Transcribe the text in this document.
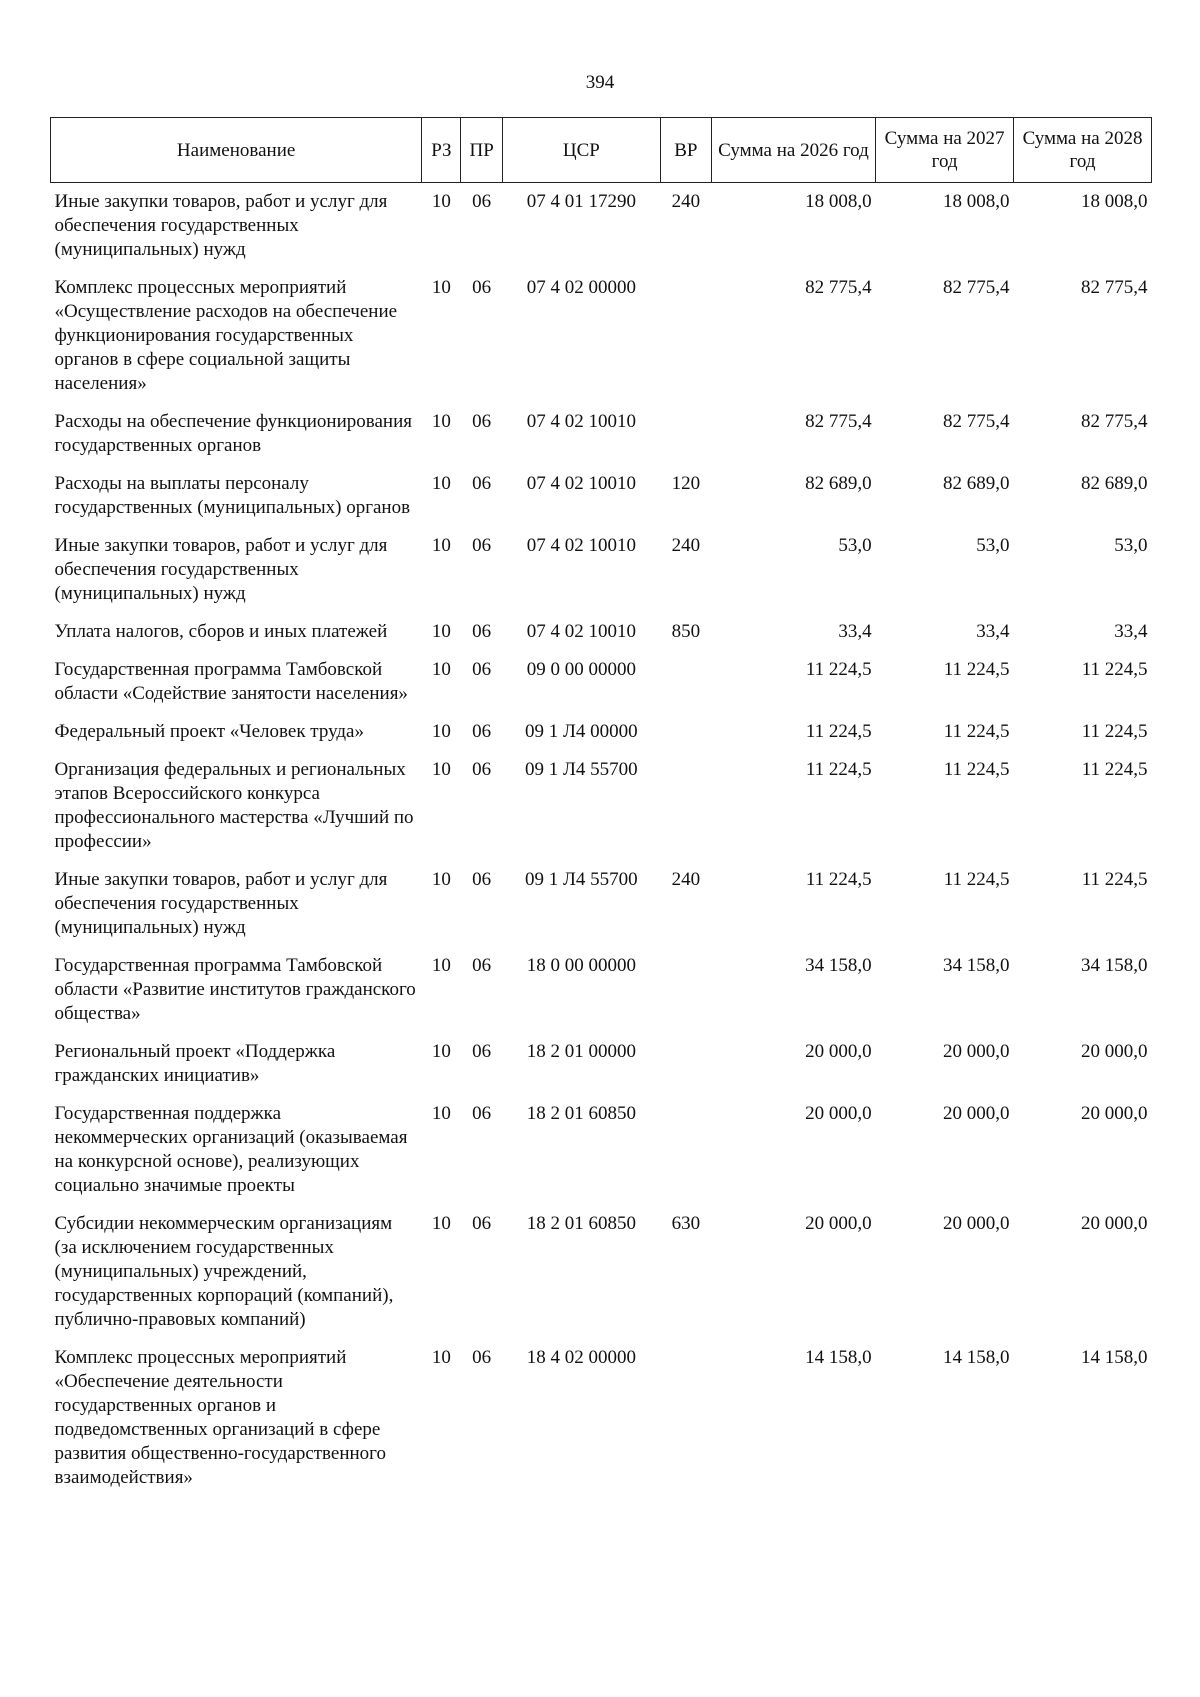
394
Наименование	РЗ	ПР	ЦСР	ВР	Сумма на 2026 год	Сумма на 2027 год	Сумма на 2028 год
Иные закупки товаров, работ и услуг для обеспечения государственных (муниципальных) нужд	10	06	07 4 01 17290	240	18 008,0	18 008,0	18 008,0
Комплекс процессных мероприятий «Осуществление расходов на обеспечение функционирования государственных органов в сфере социальной защиты населения»	10	06	07 4 02 00000		82 775,4	82 775,4	82 775,4
Расходы на обеспечение функционирования государственных органов	10	06	07 4 02 10010		82 775,4	82 775,4	82 775,4
Расходы на выплаты персоналу государственных (муниципальных) органов	10	06	07 4 02 10010	120	82 689,0	82 689,0	82 689,0
Иные закупки товаров, работ и услуг для обеспечения государственных (муниципальных) нужд	10	06	07 4 02 10010	240	53,0	53,0	53,0
Уплата налогов, сборов и иных платежей	10	06	07 4 02 10010	850	33,4	33,4	33,4
Государственная программа Тамбовской области «Содействие занятости населения»	10	06	09 0 00 00000		11 224,5	11 224,5	11 224,5
Федеральный проект «Человек труда»	10	06	09 1 Л4 00000		11 224,5	11 224,5	11 224,5
Организация федеральных и региональных этапов Всероссийского конкурса профессионального мастерства «Лучший по профессии»	10	06	09 1 Л4 55700		11 224,5	11 224,5	11 224,5
Иные закупки товаров, работ и услуг для обеспечения государственных (муниципальных) нужд	10	06	09 1 Л4 55700	240	11 224,5	11 224,5	11 224,5
Государственная программа Тамбовской области «Развитие институтов гражданского общества»	10	06	18 0 00 00000		34 158,0	34 158,0	34 158,0
Региональный проект «Поддержка гражданских инициатив»	10	06	18 2 01 00000		20 000,0	20 000,0	20 000,0
Государственная поддержка некоммерческих организаций (оказываемая на конкурсной основе), реализующих социально значимые проекты	10	06	18 2 01 60850		20 000,0	20 000,0	20 000,0
Субсидии некоммерческим организациям (за исключением государственных (муниципальных) учреждений, государственных корпораций (компаний), публично-правовых компаний)	10	06	18 2 01 60850	630	20 000,0	20 000,0	20 000,0
Комплекс процессных мероприятий «Обеспечение деятельности государственных органов и подведомственных организаций в сфере развития общественно-государственного взаимодействия»	10	06	18 4 02 00000		14 158,0	14 158,0	14 158,0
